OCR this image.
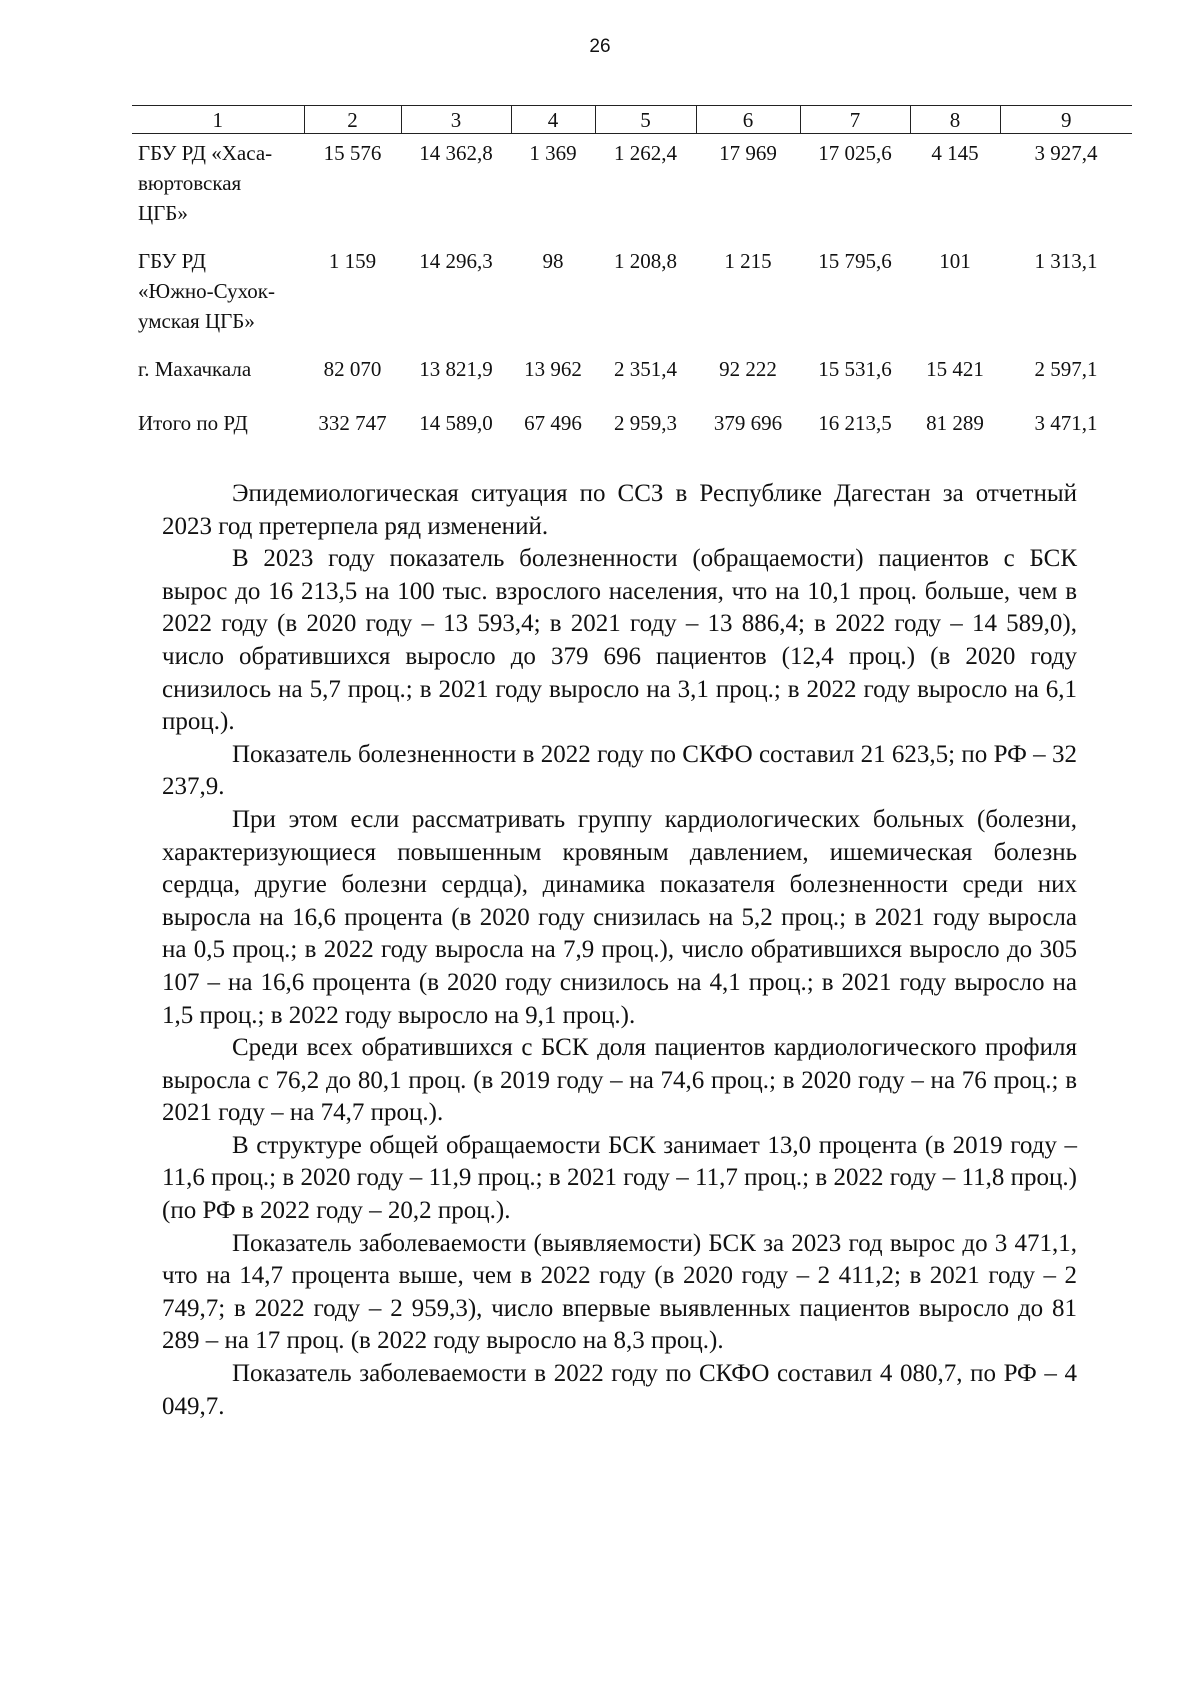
26
1	2	3	4	5	6	7	8	9
ГБУ РД «Хаса-
вюртовская
ЦГБ»	15 576	14 362,8	1 369	1 262,4	17 969	17 025,6	4 145	3 927,4
ГБУ РД
«Южно-Сухок-
умская ЦГБ»	1 159	14 296,3	98	1 208,8	1 215	15 795,6	101	1 313,1
г. Махачкала	82 070	13 821,9	13 962	2 351,4	92 222	15 531,6	15 421	2 597,1
Итого по РД	332 747	14 589,0	67 496	2 959,3	379 696	16 213,5	81 289	3 471,1

Эпидемиологическая ситуация по ССЗ в Республике Дагестан за отчетный 2023 год претерпела ряд изменений.

В 2023 году показатель болезненности (обращаемости) пациентов с БСК вырос до 16 213,5 на 100 тыс. взрослого населения, что на 10,1 проц. больше, чем в 2022 году (в 2020 году – 13 593,4; в 2021 году – 13 886,4; в 2022 году – 14 589,0), число обратившихся выросло до 379 696 пациентов (12,4 проц.) (в 2020 году снизилось на 5,7 проц.; в 2021 году выросло на 3,1 проц.; в 2022 году выросло на 6,1 проц.).

Показатель болезненности в 2022 году по СКФО составил 21 623,5; по РФ – 32 237,9.

При этом если рассматривать группу кардиологических больных (болезни, характеризующиеся повышенным кровяным давлением, ишемическая болезнь сердца, другие болезни сердца), динамика показателя болезненности среди них выросла на 16,6 процента (в 2020 году снизилась на 5,2 проц.; в 2021 году выросла на 0,5 проц.; в 2022 году выросла на 7,9 проц.), число обратившихся выросло до 305 107 – на 16,6 процента (в 2020 году снизилось на 4,1 проц.; в 2021 году выросло на 1,5 проц.; в 2022 году выросло на 9,1 проц.).

Среди всех обратившихся с БСК доля пациентов кардиологического профиля выросла с 76,2 до 80,1 проц. (в 2019 году – на 74,6 проц.; в 2020 году – на 76 проц.; в 2021 году – на 74,7 проц.).

В структуре общей обращаемости БСК занимает 13,0 процента (в 2019 году – 11,6 проц.; в 2020 году – 11,9 проц.; в 2021 году – 11,7 проц.; в 2022 году – 11,8 проц.) (по РФ в 2022 году – 20,2 проц.).

Показатель заболеваемости (выявляемости) БСК за 2023 год вырос до 3 471,1, что на 14,7 процента выше, чем в 2022 году (в 2020 году – 2 411,2; в 2021 году – 2 749,7; в 2022 году – 2 959,3), число впервые выявленных пациентов выросло до 81 289 – на 17 проц. (в 2022 году выросло на 8,3 проц.).

Показатель заболеваемости в 2022 году по СКФО составил 4 080,7, по РФ – 4 049,7.
